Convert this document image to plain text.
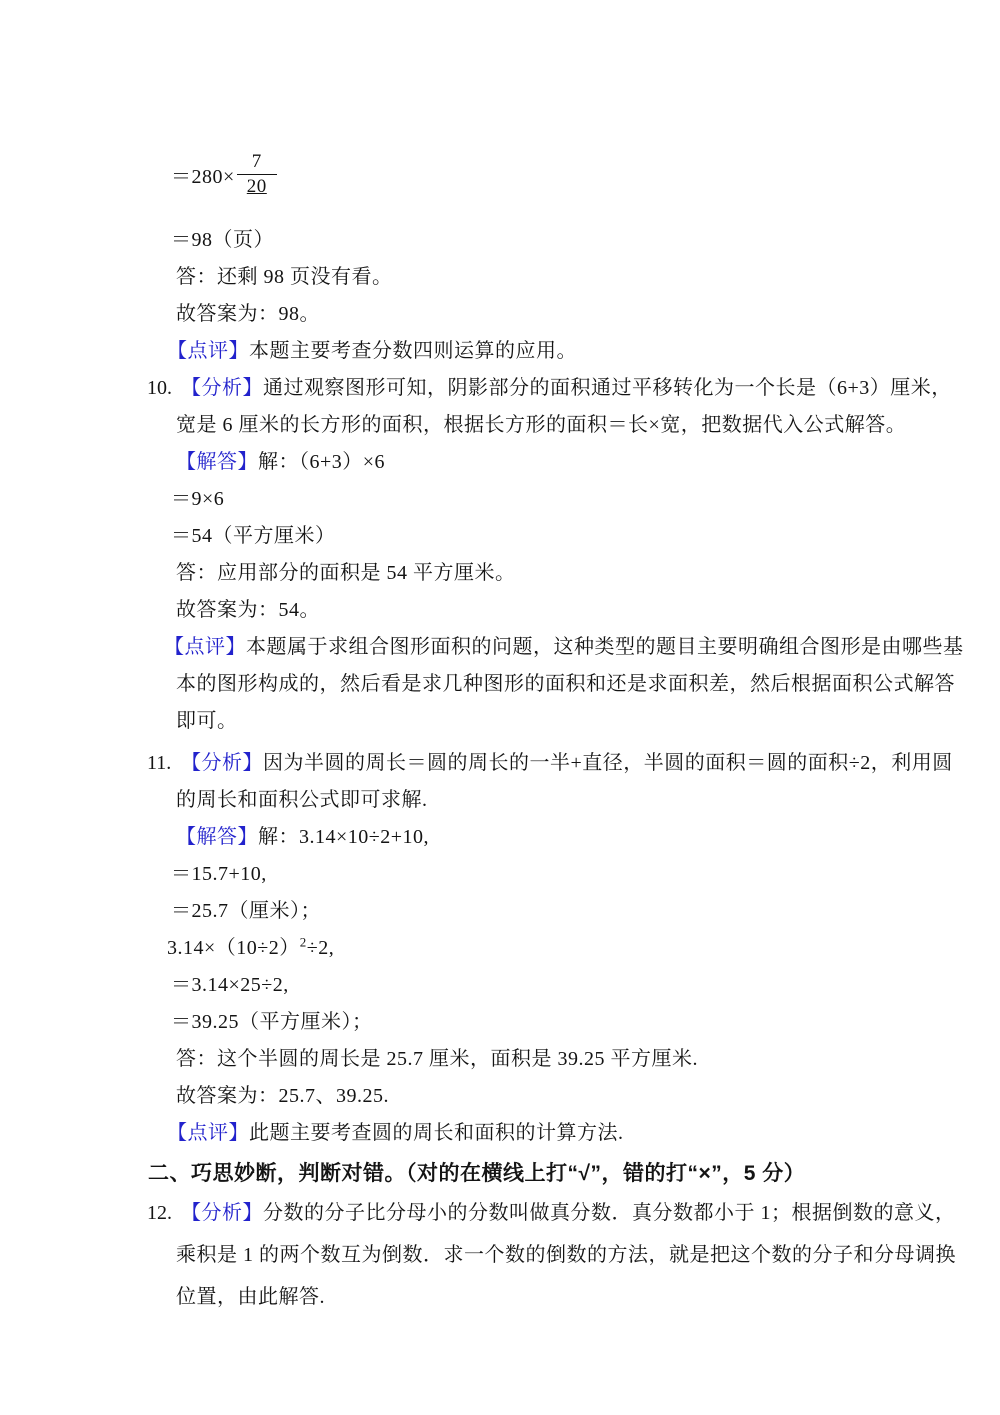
$=280\times \frac{7}{20}$
＝98（页）
答：还剩 98 页没有看。
故答案为：98。
【点评】本题主要考查分数四则运算的应用。
10. 【分析】通过观察图形可知，阴影部分的面积通过平移转化为一个长是（6+3）厘米，
宽是 6 厘米的长方形的面积，根据长方形的面积＝长×宽，把数据代入公式解答。
【解答】解：（6+3）×6
＝9×6
＝54（平方厘米）
答：应用部分的面积是 54 平方厘米。
故答案为：54。
【点评】本题属于求组合图形面积的问题，这种类型的题目主要明确组合图形是由哪些基
本的图形构成的，然后看是求几种图形的面积和还是求面积差，然后根据面积公式解答
即可。
11. 【分析】因为半圆的周长＝圆的周长的一半+直径，半圆的面积＝圆的面积÷2，利用圆
的周长和面积公式即可求解.
【解答】解：3.14×10÷2+10,
＝15.7+10,
＝25.7（厘米）；
$3.14\times(10\div 2)^2\div 2$,
＝3.14×25÷2,
＝39.25（平方厘米）；
答：这个半圆的周长是 25.7 厘米，面积是 39.25 平方厘米.
故答案为：25.7、39.25.
【点评】此题主要考查圆的周长和面积的计算方法.
二、巧思妙断，判断对错。（对的在横线上打“√”，错的打“×”，5 分）
12. 【分析】分数的分子比分母小的分数叫做真分数．真分数都小于 1；根据倒数的意义，
乘积是 1 的两个数互为倒数．求一个数的倒数的方法，就是把这个数的分子和分母调换
位置，由此解答.
